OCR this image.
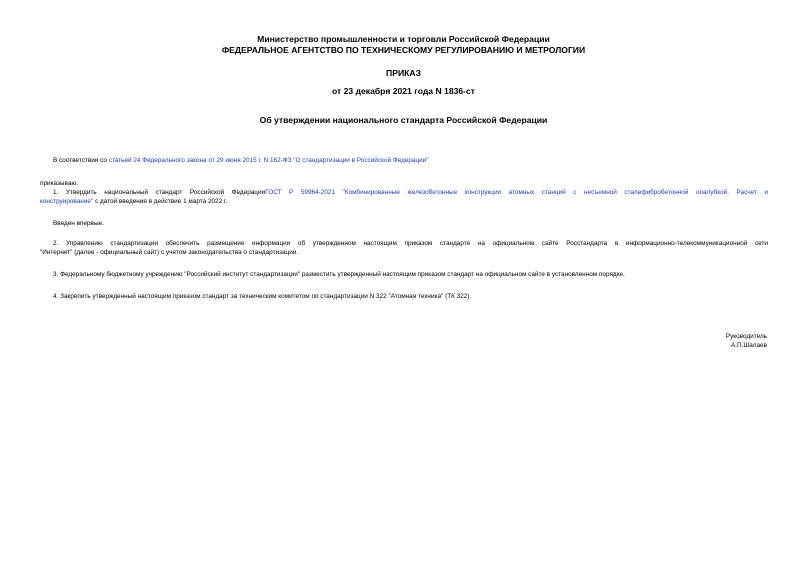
Министерство промышленности и торговли Российской Федерации
ФЕДЕРАЛЬНОЕ АГЕНТСТВО ПО ТЕХНИЧЕСКОМУ РЕГУЛИРОВАНИЮ И МЕТРОЛОГИИ
ПРИКАЗ
от 23 декабря 2021 года N 1836-ст
Об утверждении национального стандарта Российской Федерации
В соответствии со статьей 24 Федерального закона от 29 июня 2015 г. N 162-ФЗ "О стандартизации в Российской Федерации"
приказываю:
1. Утвердить национальный стандарт Российской ФедерацииГОСТ Р 59964-2021 "Комбинированные железобетонные конструкции атомных станций с несъемной сталефибробетонной опалубкой. Расчет и
конструирование" с датой введения в действие 1 марта 2022 г.
Введен впервые.
2. Управлению стандартизации обеспечить размещение информации об утвержденном настоящим приказом стандарте на официальном сайте Росстандарта в информационно-телекоммуникационной сети
"Интернет" (далее - официальный сайт) с учетом законодательства о стандартизации.
3. Федеральному бюджетному учреждению "Российский институт стандартизации" разместить утвержденный настоящим приказом стандарт на официальном сайте в установленном порядке.
4. Закрепить утвержденный настоящим приказом стандарт за техническим комитетом по стандартизации N 322 "Атомная техника" (ТК 322).
Руководитель
А.П.Шалаев
